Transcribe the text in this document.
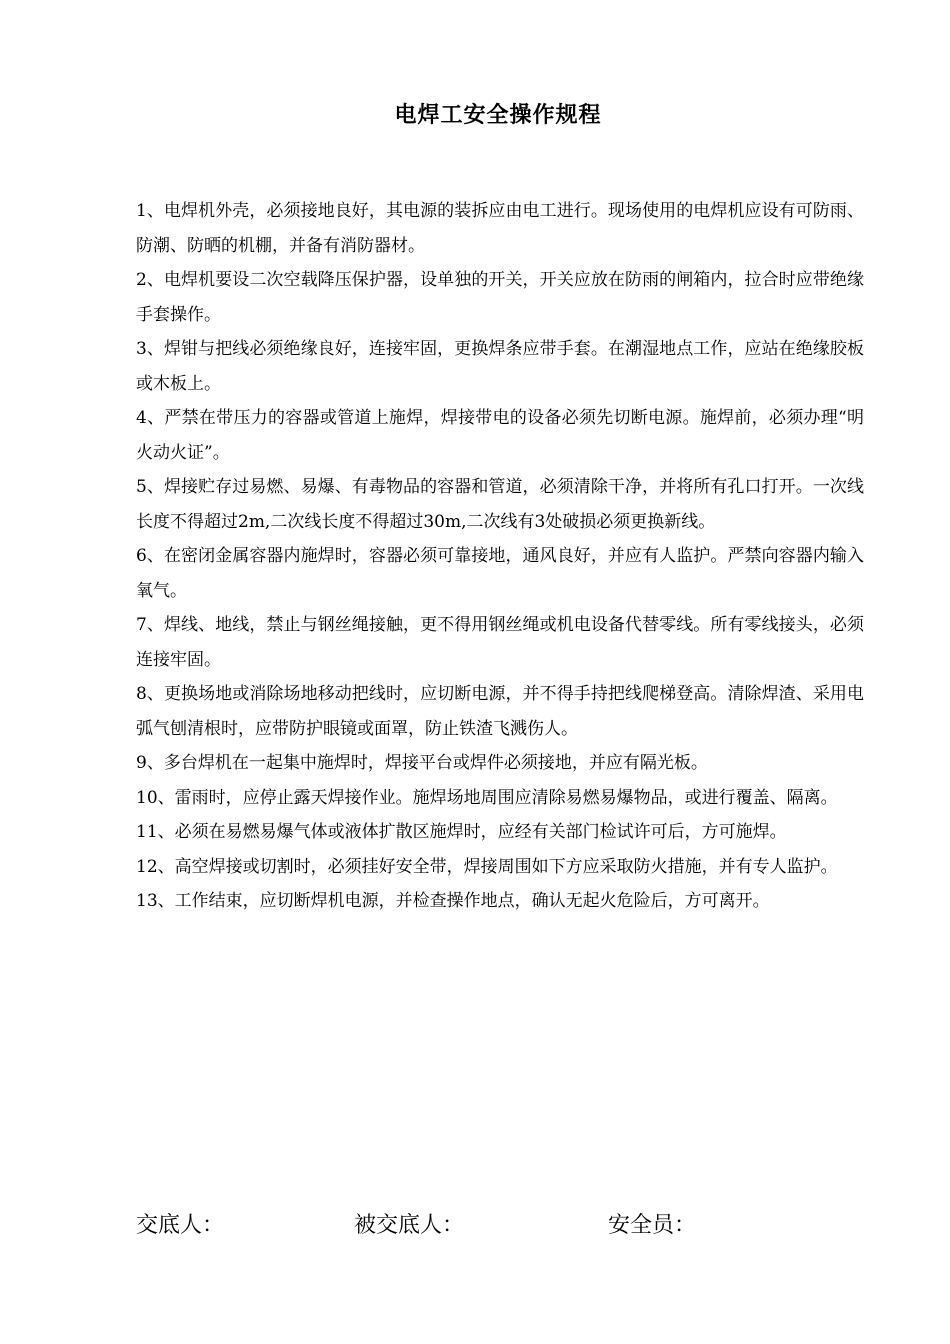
电焊工安全操作规程
1、电焊机外壳，必须接地良好，其电源的装拆应由电工进行。现场使用的电焊机应设有可防雨、防潮、防晒的机棚，并备有消防器材。
2、电焊机要设二次空载降压保护器，设单独的开关，开关应放在防雨的闸箱内，拉合时应带绝缘手套操作。
3、焊钳与把线必须绝缘良好，连接牢固，更换焊条应带手套。在潮湿地点工作，应站在绝缘胶板或木板上。
4、严禁在带压力的容器或管道上施焊，焊接带电的设备必须先切断电源。施焊前，必须办理“明火动火证”。
5、焊接贮存过易燃、易爆、有毒物品的容器和管道，必须清除干净，并将所有孔口打开。一次线长度不得超过2m,二次线长度不得超过30m,二次线有3处破损必须更换新线。
6、在密闭金属容器内施焊时，容器必须可靠接地，通风良好，并应有人监护。严禁向容器内输入氧气。
7、焊线、地线，禁止与钢丝绳接触，更不得用钢丝绳或机电设备代替零线。所有零线接头，必须连接牢固。
8、更换场地或消除场地移动把线时，应切断电源，并不得手持把线爬梯登高。清除焊渣、采用电弧气刨清根时，应带防护眼镜或面罩，防止铁渣飞溅伤人。
9、多台焊机在一起集中施焊时，焊接平台或焊件必须接地，并应有隔光板。
10、雷雨时，应停止露天焊接作业。施焊场地周围应清除易燃易爆物品，或进行覆盖、隔离。
11、必须在易燃易爆气体或液体扩散区施焊时，应经有关部门检试许可后，方可施焊。
12、高空焊接或切割时，必须挂好安全带，焊接周围如下方应采取防火措施，并有专人监护。
13、工作结束，应切断焊机电源，并检查操作地点，确认无起火危险后，方可离开。
交底人：	被交底人：	安全员：
